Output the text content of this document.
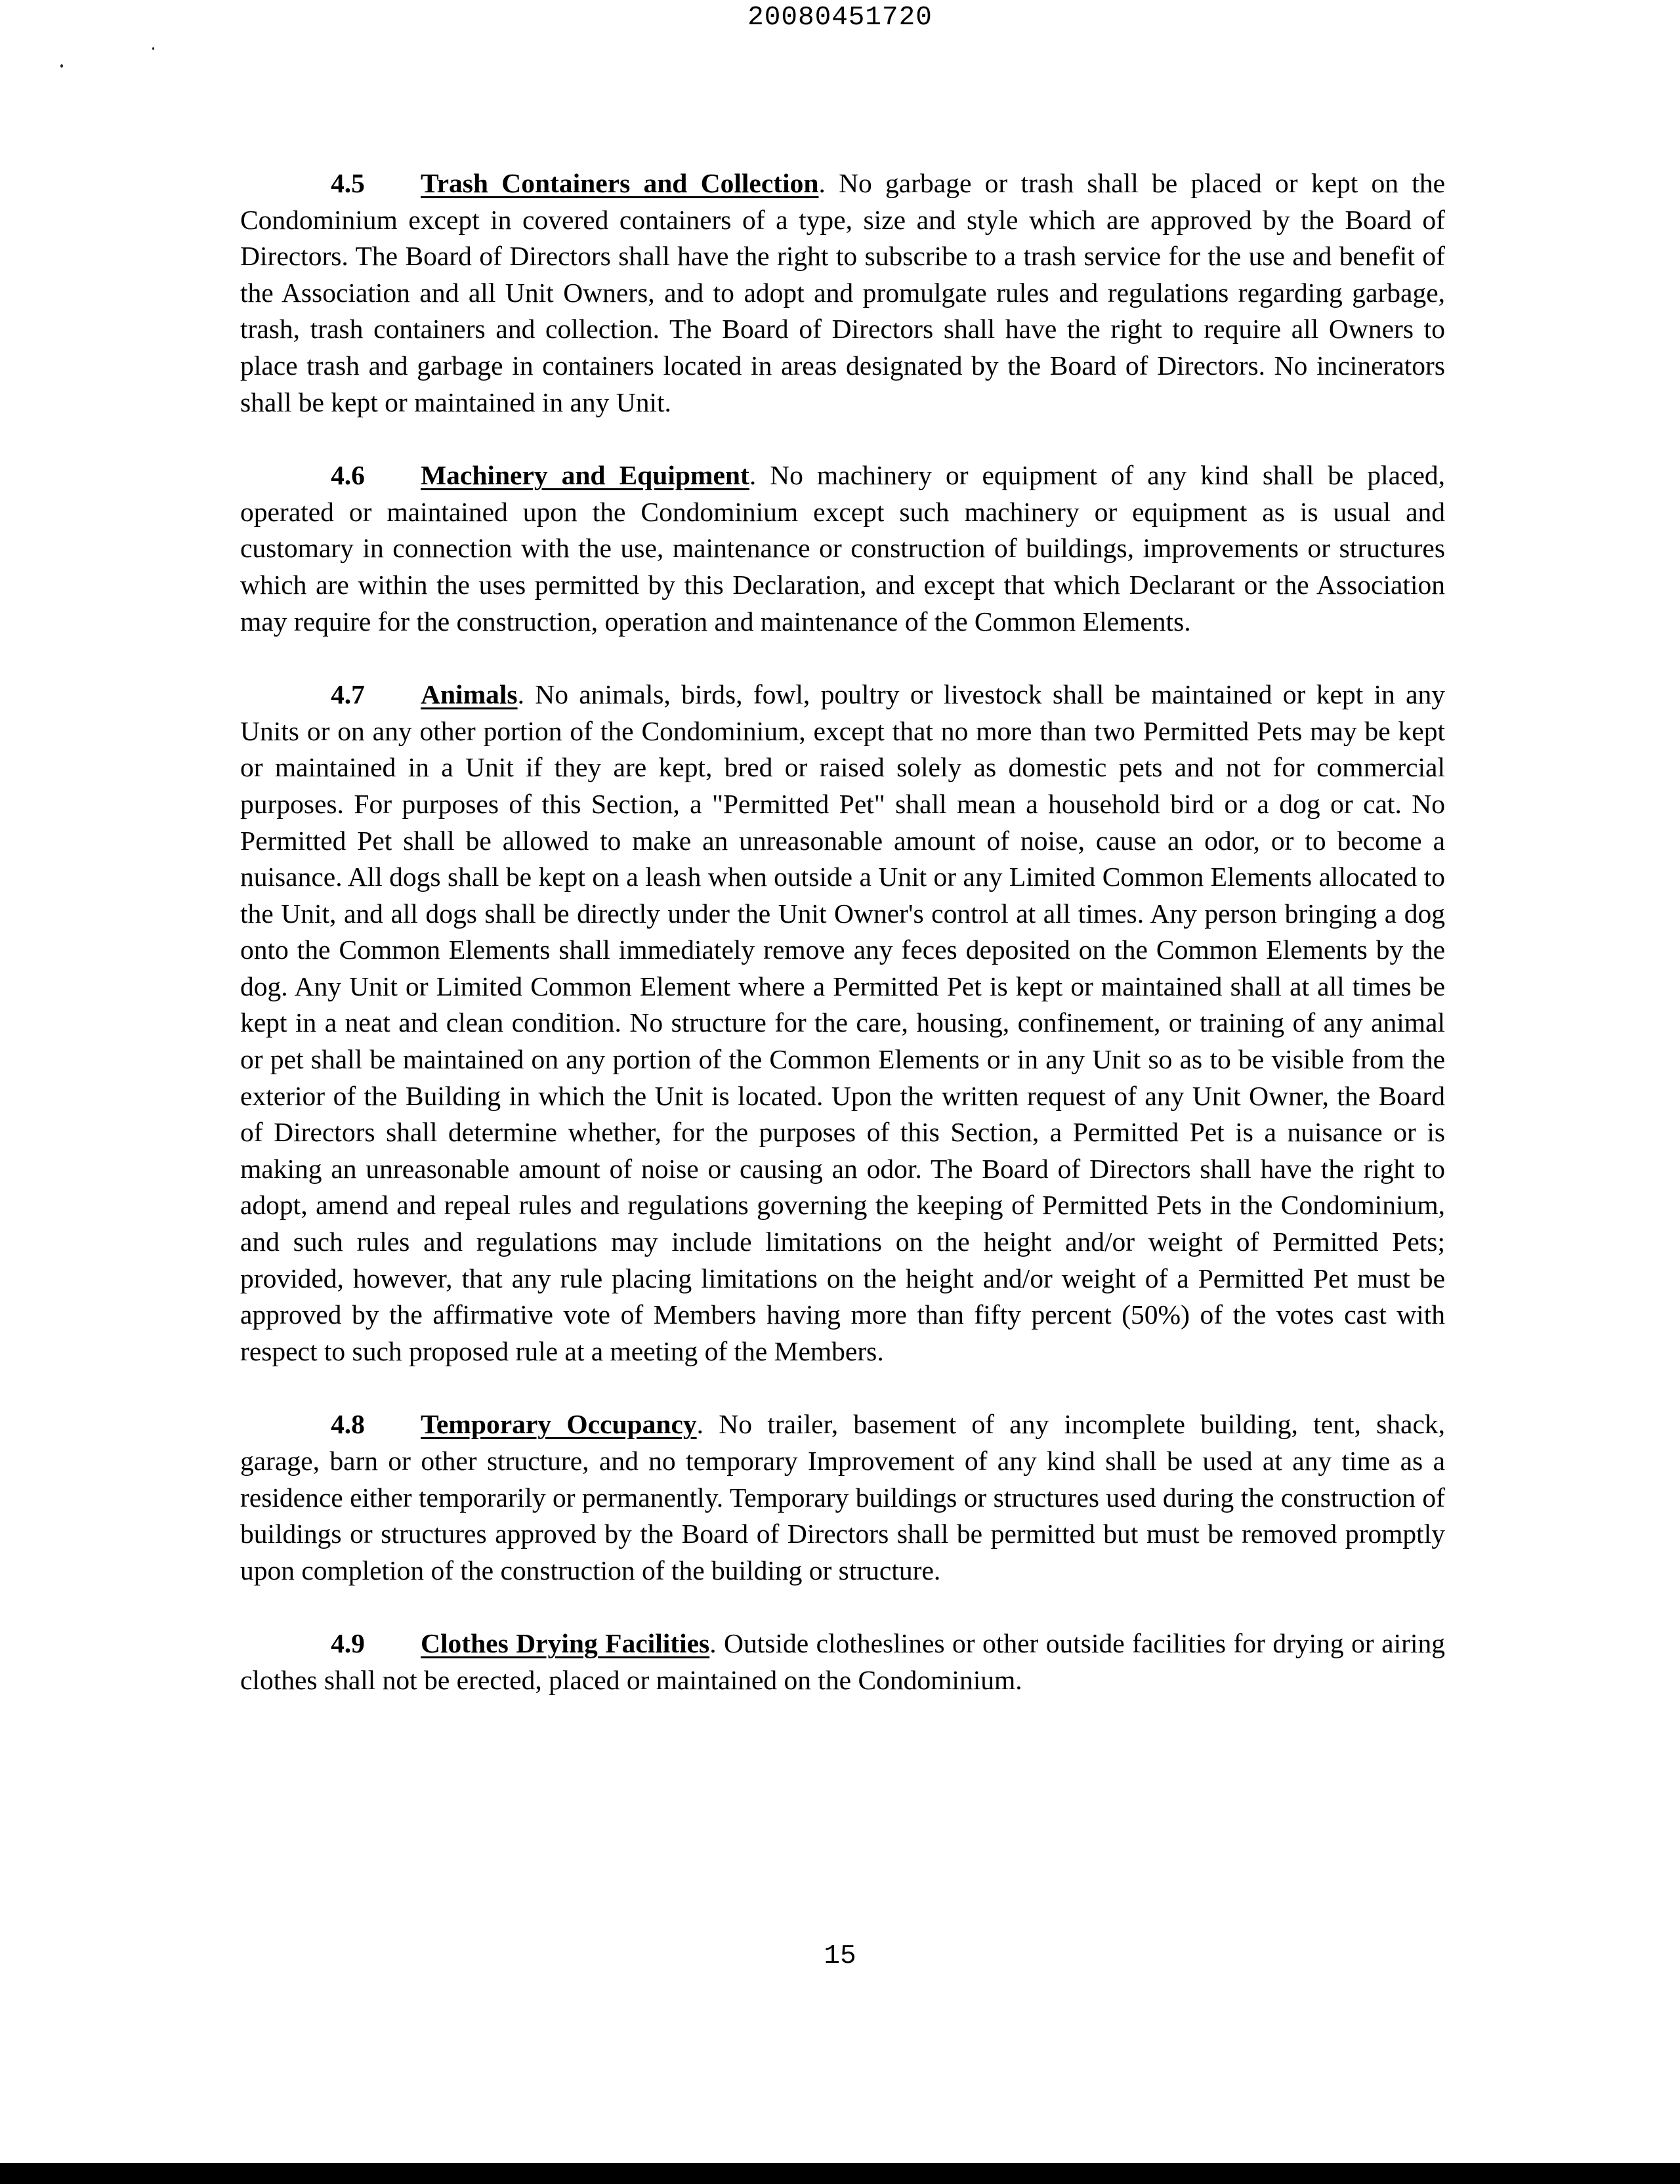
20080451720

4.5 Trash Containers and Collection. No garbage or trash shall be placed or kept on the Condominium except in covered containers of a type, size and style which are approved by the Board of Directors. The Board of Directors shall have the right to subscribe to a trash service for the use and benefit of the Association and all Unit Owners, and to adopt and promulgate rules and regulations regarding garbage, trash, trash containers and collection. The Board of Directors shall have the right to require all Owners to place trash and garbage in containers located in areas designated by the Board of Directors. No incinerators shall be kept or maintained in any Unit.

4.6 Machinery and Equipment. No machinery or equipment of any kind shall be placed, operated or maintained upon the Condominium except such machinery or equipment as is usual and customary in connection with the use, maintenance or construction of buildings, improvements or structures which are within the uses permitted by this Declaration, and except that which Declarant or the Association may require for the construction, operation and maintenance of the Common Elements.

4.7 Animals. No animals, birds, fowl, poultry or livestock shall be maintained or kept in any Units or on any other portion of the Condominium, except that no more than two Permitted Pets may be kept or maintained in a Unit if they are kept, bred or raised solely as domestic pets and not for commercial purposes. For purposes of this Section, a "Permitted Pet" shall mean a household bird or a dog or cat. No Permitted Pet shall be allowed to make an unreasonable amount of noise, cause an odor, or to become a nuisance. All dogs shall be kept on a leash when outside a Unit or any Limited Common Elements allocated to the Unit, and all dogs shall be directly under the Unit Owner's control at all times. Any person bringing a dog onto the Common Elements shall immediately remove any feces deposited on the Common Elements by the dog. Any Unit or Limited Common Element where a Permitted Pet is kept or maintained shall at all times be kept in a neat and clean condition. No structure for the care, housing, confinement, or training of any animal or pet shall be maintained on any portion of the Common Elements or in any Unit so as to be visible from the exterior of the Building in which the Unit is located. Upon the written request of any Unit Owner, the Board of Directors shall determine whether, for the purposes of this Section, a Permitted Pet is a nuisance or is making an unreasonable amount of noise or causing an odor. The Board of Directors shall have the right to adopt, amend and repeal rules and regulations governing the keeping of Permitted Pets in the Condominium, and such rules and regulations may include limitations on the height and/or weight of Permitted Pets; provided, however, that any rule placing limitations on the height and/or weight of a Permitted Pet must be approved by the affirmative vote of Members having more than fifty percent (50%) of the votes cast with respect to such proposed rule at a meeting of the Members.

4.8 Temporary Occupancy. No trailer, basement of any incomplete building, tent, shack, garage, barn or other structure, and no temporary Improvement of any kind shall be used at any time as a residence either temporarily or permanently. Temporary buildings or structures used during the construction of buildings or structures approved by the Board of Directors shall be permitted but must be removed promptly upon completion of the construction of the building or structure.

4.9 Clothes Drying Facilities. Outside clotheslines or other outside facilities for drying or airing clothes shall not be erected, placed or maintained on the Condominium.

15
